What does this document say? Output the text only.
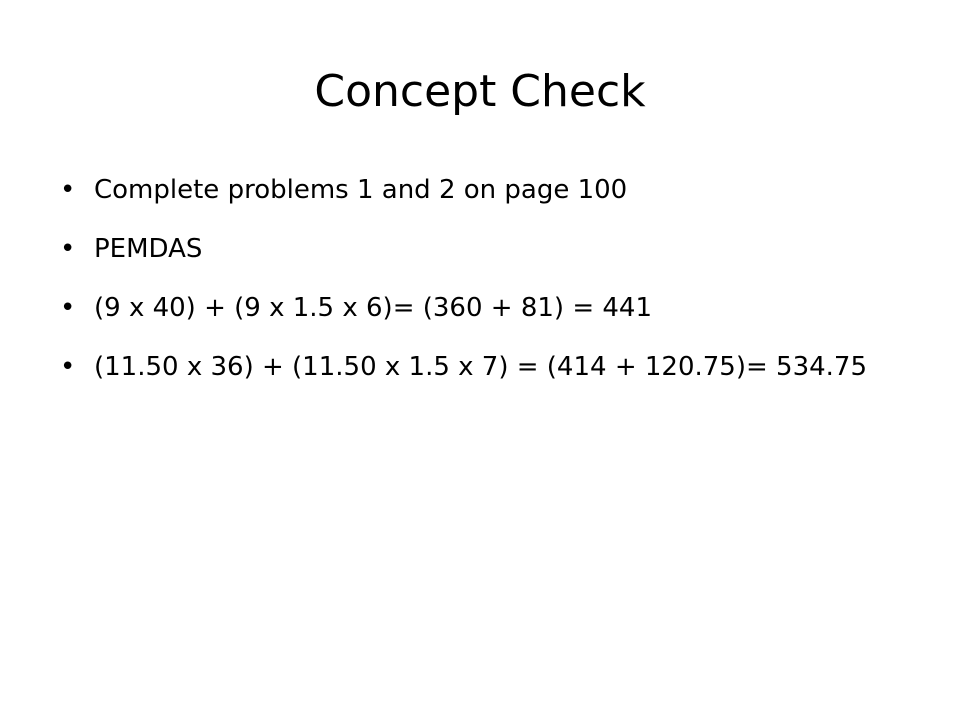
Concept Check
• Complete problems 1 and 2 on page 100
• PEMDAS
• (9 x 40) + (9 x 1.5 x 6)= (360 + 81) = 441
• (11.50 x 36) + (11.50 x 1.5 x 7) = (414 + 120.75)= 534.75
